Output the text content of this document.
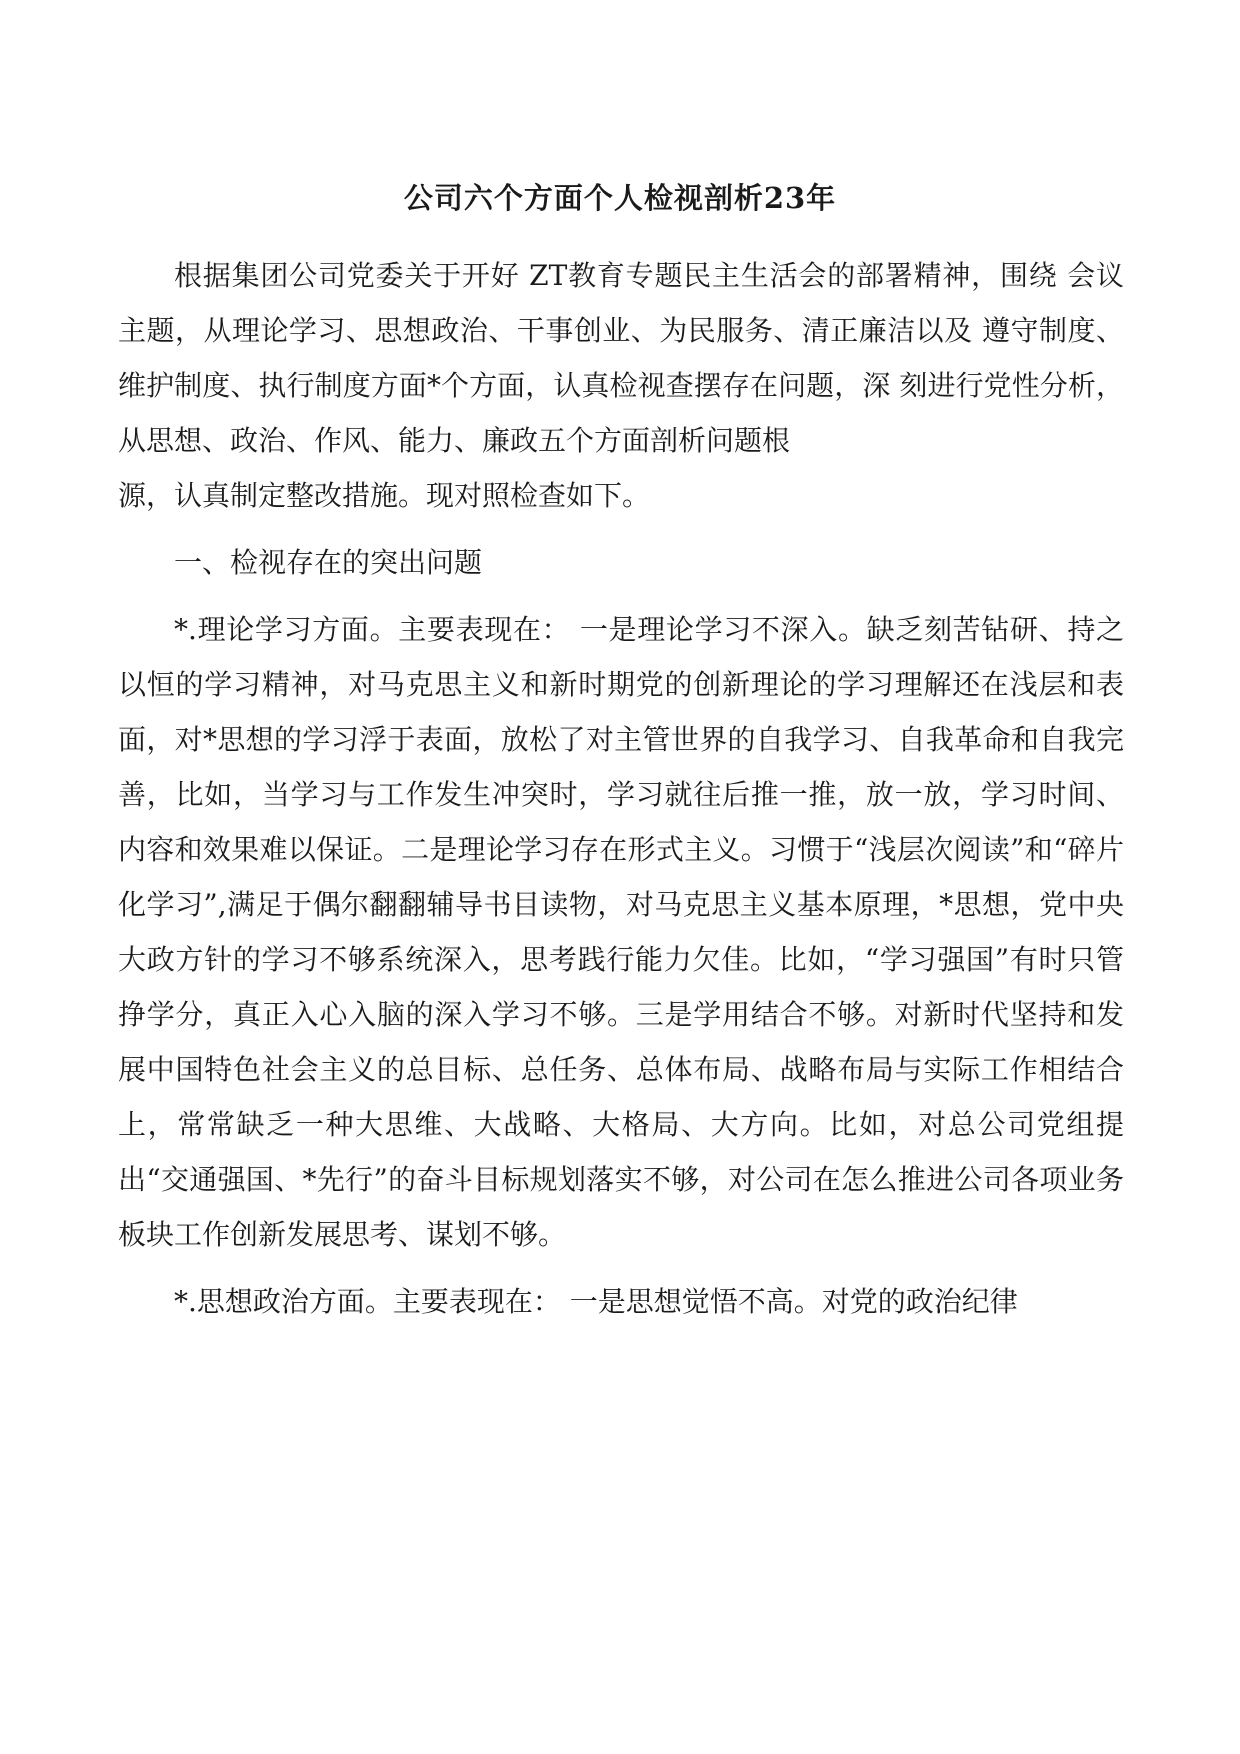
公司六个方面个人检视剖析23年

根据集团公司党委关于开好 ZT教育专题民主生活会的部署精神，围绕 会议主题，从理论学习、思想政治、干事创业、为民服务、清正廉洁以及 遵守制度、维护制度、执行制度方面*个方面，认真检视查摆存在问题，深 刻进行党性分析，从思想、政治、作风、能力、廉政五个方面剖析问题根

源，认真制定整改措施。现对照检查如下。

一、检视存在的突出问题

*.理论学习方面。主要表现在： 一是理论学习不深入。缺乏刻苦钻研、持之以恒的学习精神，对马克思主义和新时期党的创新理论的学习理解还在浅层和表面，对*思想的学习浮于表面，放松了对主管世界的自我学习、自我革命和自我完善，比如，当学习与工作发生冲突时，学习就往后推一推，放一放，学习时间、内容和效果难以保证。二是理论学习存在形式主义。习惯于“浅层次阅读”和“碎片化学习”,满足于偶尔翻翻辅导书目读物，对马克思主义基本原理，*思想，党中央大政方针的学习不够系统深入，思考践行能力欠佳。比如，“学习强国”有时只管挣学分，真正入心入脑的深入学习不够。三是学用结合不够。对新时代坚持和发展中国特色社会主义的总目标、总任务、总体布局、战略布局与实际工作相结合上，常常缺乏一种大思维、大战略、大格局、大方向。比如，对总公司党组提出“交通强国、*先行”的奋斗目标规划落实不够，对公司在怎么推进公司各项业务板块工作创新发展思考、谋划不够。

*.思想政治方面。主要表现在： 一是思想觉悟不高。对党的政治纪律
